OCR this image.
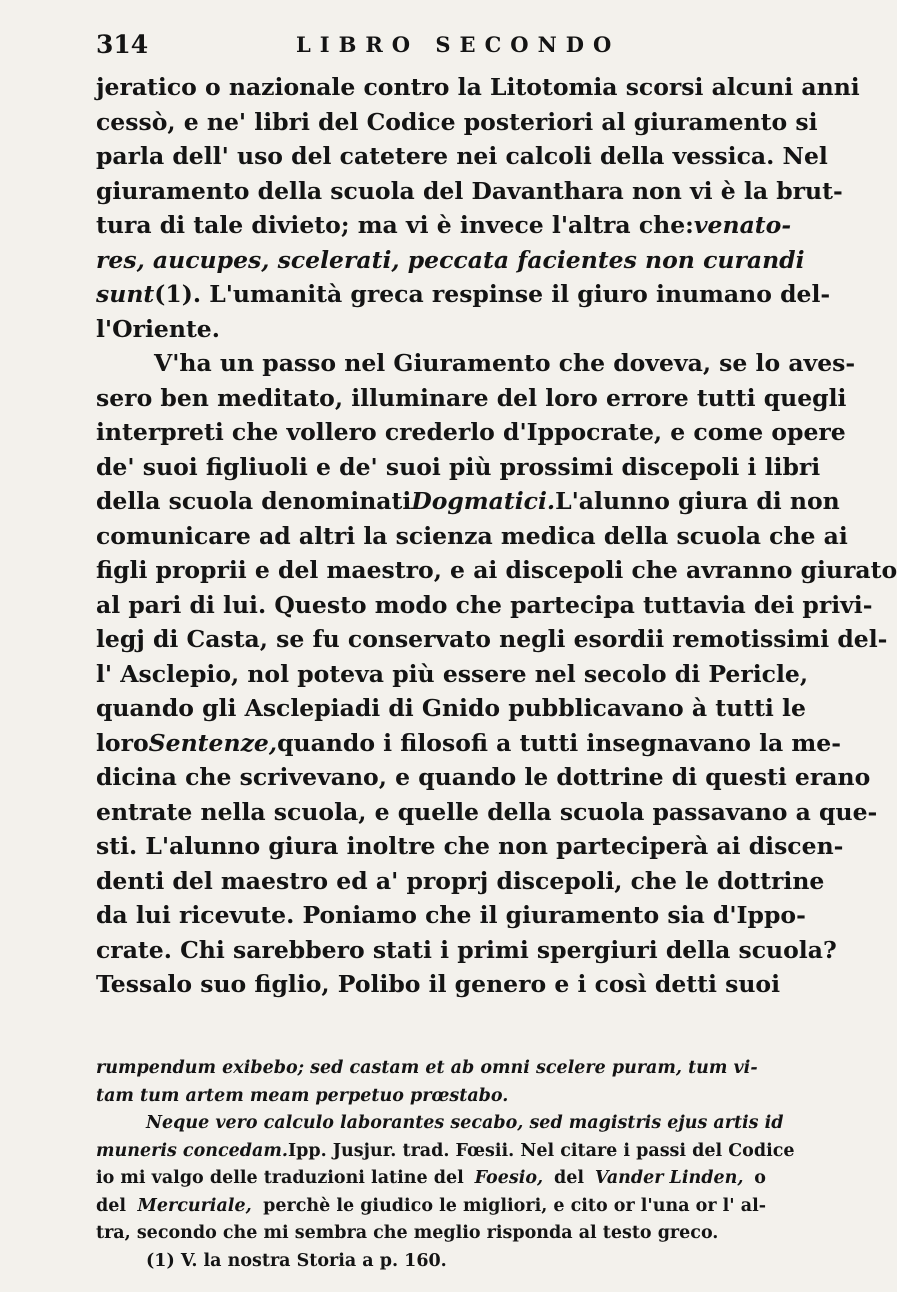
314	LIBRO SECONDO
jeratico o nazionale contro la Litotomia scorsi alcuni anni
cessò, e ne' libri del Codice posteriori al giuramento si
parla dell' uso del catetere nei calcoli della vessica. Nel
giuramento della scuola del Davanthara non vi è la brut-
tura di tale divieto; ma vi è invece l'altra che: venato-
res, aucupes, scelerati, peccata facientes non curandi
sunt (1). L'umanità greca respinse il giuro inumano del-
l'Oriente.
V'ha un passo nel Giuramento che doveva, se lo aves-
sero ben meditato, illuminare del loro errore tutti quegli
interpreti che vollero crederlo d'Ippocrate, e come opere
de' suoi figliuoli e de' suoi più prossimi discepoli i libri
della scuola denominati Dogmatici. L'alunno giura di non
comunicare ad altri la scienza medica della scuola che ai
figli proprii e del maestro, e ai discepoli che avranno giurato
al pari di lui. Questo modo che partecipa tuttavia dei privi-
legj di Casta, se fu conservato negli esordii remotissimi del-
l' Asclepio, nol poteva più essere nel secolo di Pericle,
quando gli Asclepiadi di Gnido pubblicavano à tutti le
loro Sentenze, quando i filosofi a tutti insegnavano la me-
dicina che scrivevano, e quando le dottrine di questi erano
entrate nella scuola, e quelle della scuola passavano a que-
sti. L'alunno giura inoltre che non parteciperà ai discen-
denti del maestro ed a' proprj discepoli, che le dottrine
da lui ricevute. Poniamo che il giuramento sia d'Ippo-
crate. Chi sarebbero stati i primi spergiuri della scuola?
Tessalo suo figlio, Polibo il genero e i così detti suoi
rumpendum exibebo; sed castam et ab omni scelere puram, tum vi-
tam tum artem meam perpetuo prœstabo.
Neque vero calculo laborantes secabo, sed magistris ejus artis id
muneris concedam. Ipp. Jusjur. trad. Fœsii. Nel citare i passi del Codice
io mi valgo delle traduzioni latine del Foesio, del Vander Linden, o
del Mercuriale, perchè le giudico le migliori, e cito or l'una or l' al-
tra, secondo che mi sembra che meglio risponda al testo greco.
(1) V. la nostra Storia a p. 160.
